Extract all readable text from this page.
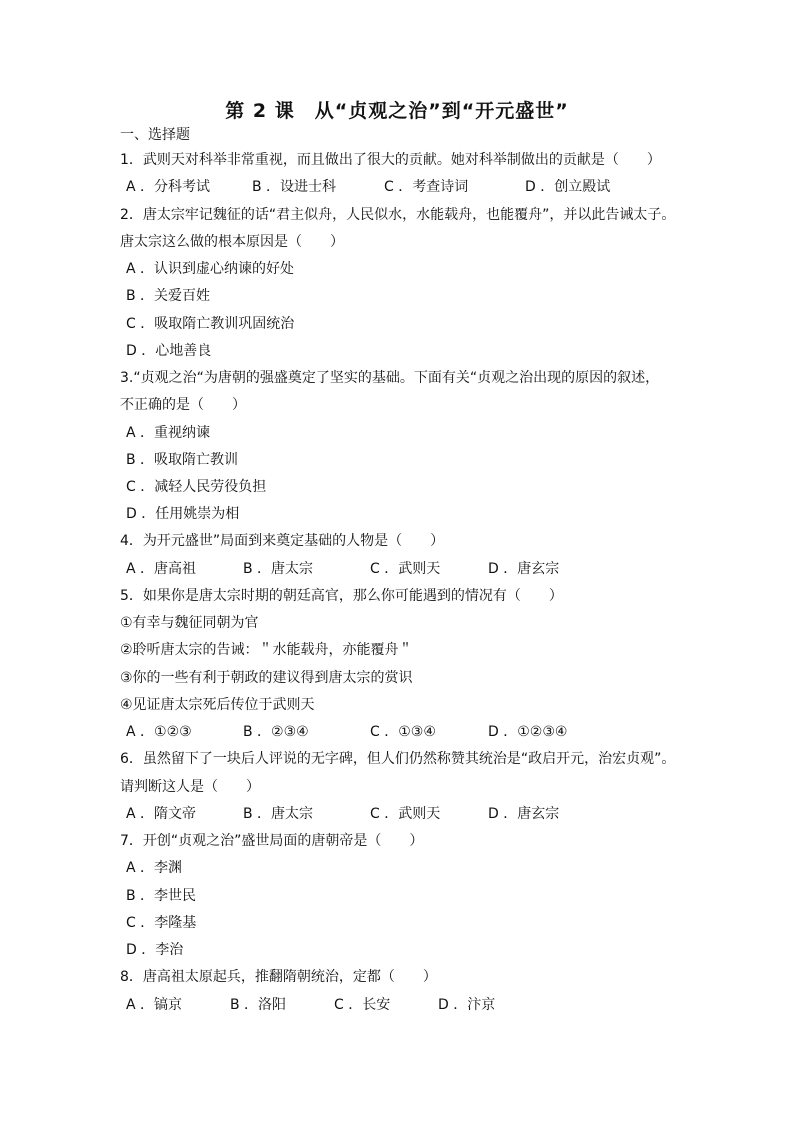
第 2 课　从“贞观之治”到“开元盛世”
一、选择题
1．武则天对科举非常重视，而且做出了很大的贡献。她对科举制做出的贡献是（　　）
A ．分科考试	B ．设进士科	C ．考查诗词	D ．创立殿试
2．唐太宗牢记魏征的话“君主似舟，人民似水，水能载舟，也能覆舟”，并以此告诫太子。
唐太宗这么做的根本原因是（　　）
A ．认识到虚心纳谏的好处
B ．关爱百姓
C ．吸取隋亡教训巩固统治
D ．心地善良
3.“贞观之治“为唐朝的强盛奠定了坚实的基础。下面有关“贞观之治出现的原因的叙述，
不正确的是（　　）
A ．重视纳谏
B ．吸取隋亡教训
C ．减轻人民劳役负担
D ．任用姚崇为相
4．为开元盛世”局面到来奠定基础的人物是（　　）
A ．唐高祖	B ．唐太宗	C ．武则天	D ．唐玄宗
5．如果你是唐太宗时期的朝廷高官，那么你可能遇到的情况有（　　）
①有幸与魏征同朝为官
②聆听唐太宗的告诫：＂水能载舟，亦能覆舟＂
③你的一些有利于朝政的建议得到唐太宗的赏识
④见证唐太宗死后传位于武则天
A ．①②③	B ．②③④	C ．①③④	D ．①②③④
6．虽然留下了一块后人评说的无字碑，但人们仍然称赞其统治是“政启开元，治宏贞观”。
请判断这人是（　　）
A ．隋文帝	B ．唐太宗	C ．武则天	D ．唐玄宗
7．开创“贞观之治”盛世局面的唐朝帝是（　　）
A ．李渊
B ．李世民
C ．李隆基
D ．李治
8．唐高祖太原起兵，推翻隋朝统治，定都（　　）
A ．镐京	B ．洛阳	C ．长安	D ．汴京
